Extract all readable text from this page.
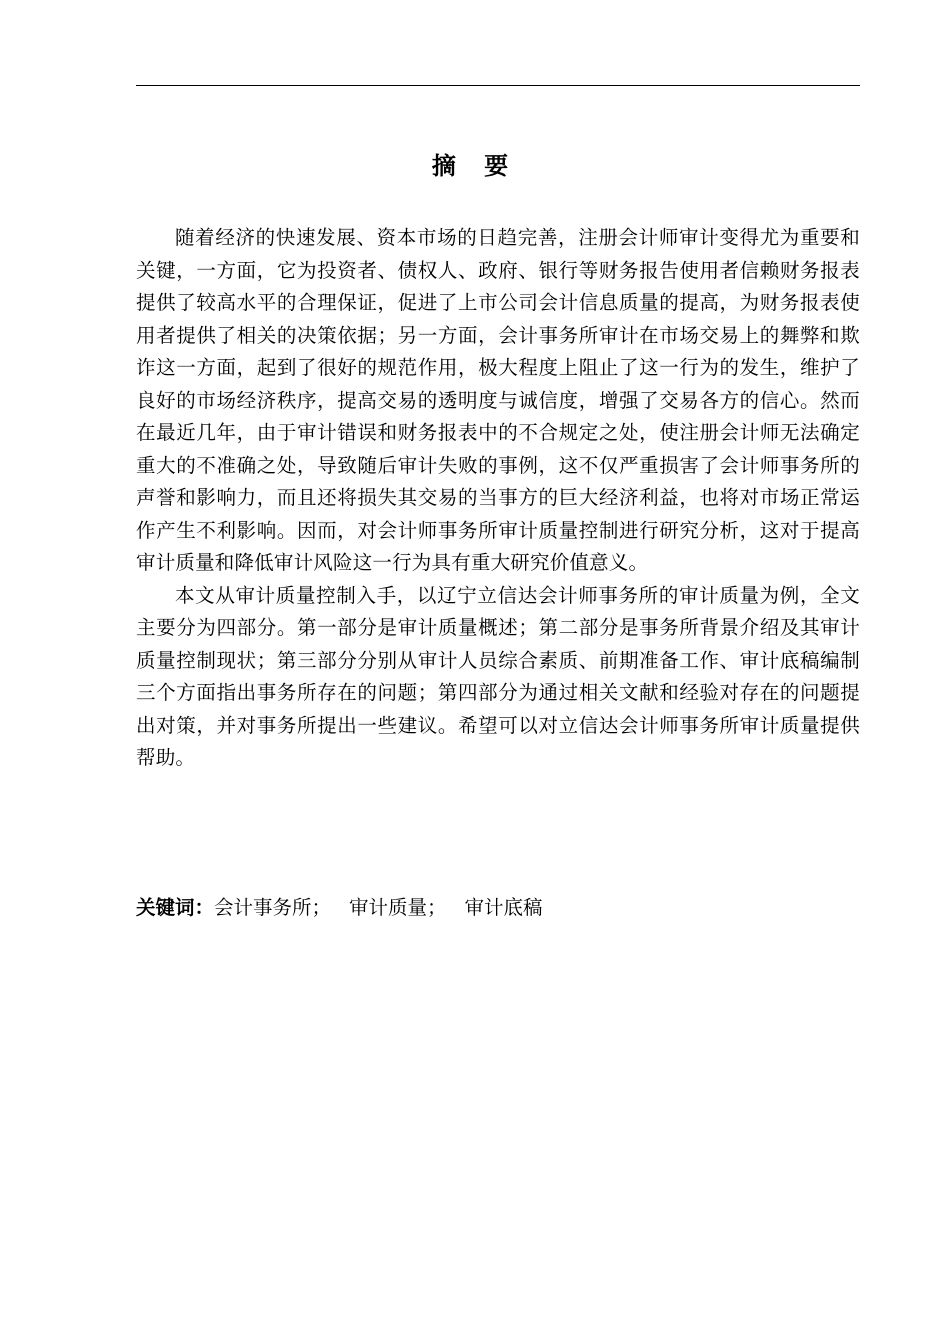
摘 要

随着经济的快速发展、资本市场的日趋完善，注册会计师审计变得尤为重要和关键，一方面，它为投资者、债权人、政府、银行等财务报告使用者信赖财务报表提供了较高水平的合理保证，促进了上市公司会计信息质量的提高，为财务报表使用者提供了相关的决策依据；另一方面，会计事务所审计在市场交易上的舞弊和欺诈这一方面，起到了很好的规范作用，极大程度上阻止了这一行为的发生，维护了良好的市场经济秩序，提高交易的透明度与诚信度，增强了交易各方的信心。然而在最近几年，由于审计错误和财务报表中的不合规定之处，使注册会计师无法确定重大的不准确之处，导致随后审计失败的事例，这不仅严重损害了会计师事务所的声誉和影响力，而且还将损失其交易的当事方的巨大经济利益，也将对市场正常运作产生不利影响。因而，对会计师事务所审计质量控制进行研究分析，这对于提高审计质量和降低审计风险这一行为具有重大研究价值意义。

本文从审计质量控制入手，以辽宁立信达会计师事务所的审计质量为例，全文主要分为四部分。第一部分是审计质量概述；第二部分是事务所背景介绍及其审计质量控制现状；第三部分分别从审计人员综合素质、前期准备工作、审计底稿编制三个方面指出事务所存在的问题；第四部分为通过相关文献和经验对存在的问题提出对策，并对事务所提出一些建议。希望可以对立信达会计师事务所审计质量提供帮助。

关键词：会计事务所； 审计质量； 审计底稿
